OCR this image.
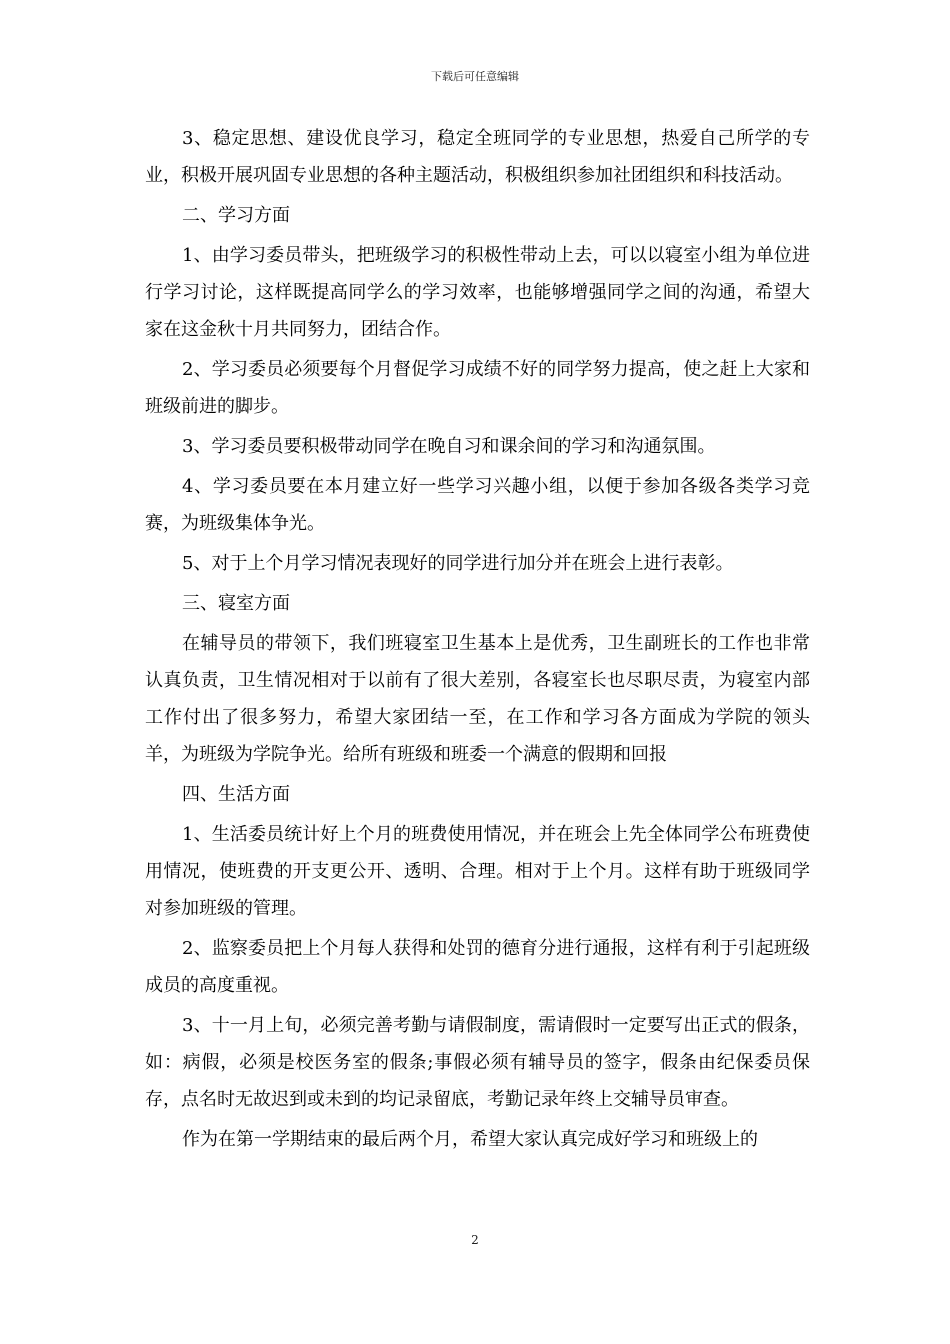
下载后可任意编辑

3、稳定思想、建设优良学习，稳定全班同学的专业思想，热爱自己所学的专业，积极开展巩固专业思想的各种主题活动，积极组织参加社团组织和科技活动。

二、学习方面

1、由学习委员带头，把班级学习的积极性带动上去，可以以寝室小组为单位进行学习讨论，这样既提高同学么的学习效率，也能够增强同学之间的沟通，希望大家在这金秋十月共同努力，团结合作。

2、学习委员必须要每个月督促学习成绩不好的同学努力提高，使之赶上大家和班级前进的脚步。

3、学习委员要积极带动同学在晚自习和课余间的学习和沟通氛围。

4、学习委员要在本月建立好一些学习兴趣小组，以便于参加各级各类学习竞赛，为班级集体争光。

5、对于上个月学习情况表现好的同学进行加分并在班会上进行表彰。

三、寝室方面

在辅导员的带领下，我们班寝室卫生基本上是优秀，卫生副班长的工作也非常认真负责，卫生情况相对于以前有了很大差别，各寝室长也尽职尽责，为寝室内部工作付出了很多努力，希望大家团结一至，在工作和学习各方面成为学院的领头羊，为班级为学院争光。给所有班级和班委一个满意的假期和回报

四、生活方面

1、生活委员统计好上个月的班费使用情况，并在班会上先全体同学公布班费使用情况，使班费的开支更公开、透明、合理。相对于上个月。这样有助于班级同学对参加班级的管理。

2、监察委员把上个月每人获得和处罚的德育分进行通报，这样有利于引起班级成员的高度重视。

3、十一月上旬，必须完善考勤与请假制度，需请假时一定要写出正式的假条，如：病假，必须是校医务室的假条;事假必须有辅导员的签字，假条由纪保委员保存，点名时无故迟到或未到的均记录留底，考勤记录年终上交辅导员审查。

作为在第一学期结束的最后两个月，希望大家认真完成好学习和班级上的

2
